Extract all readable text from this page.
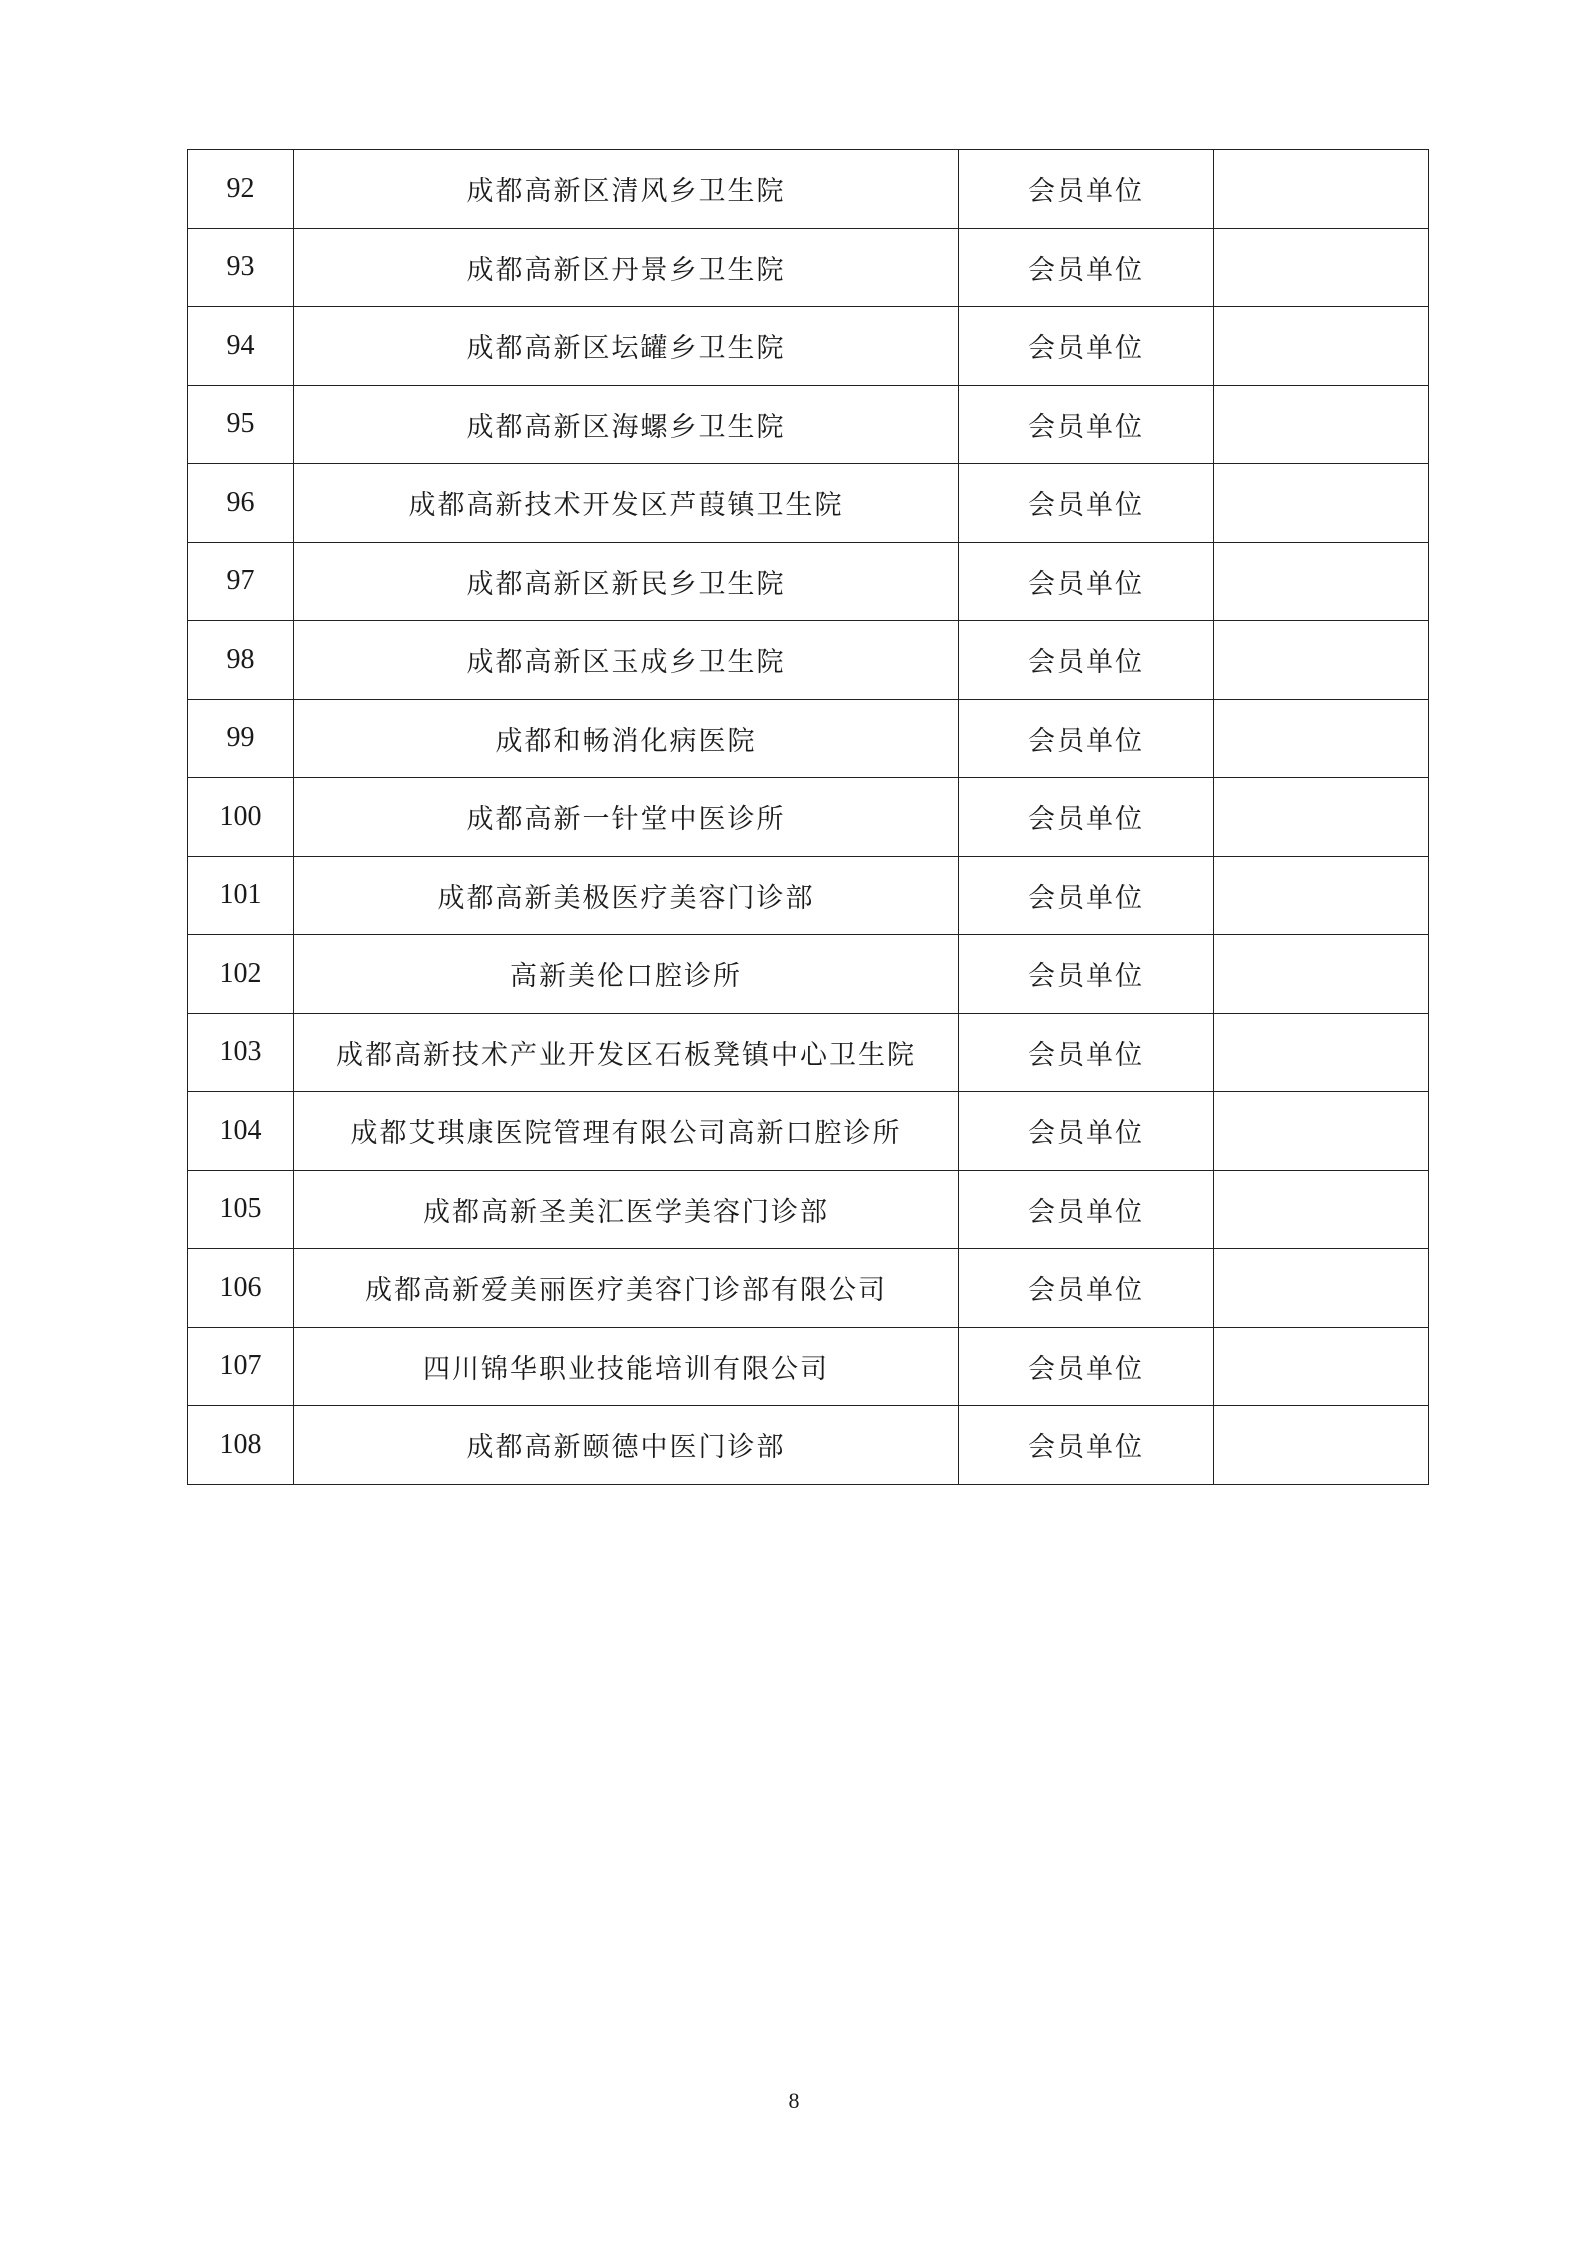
92	成都高新区清风乡卫生院	会员单位	
93	成都高新区丹景乡卫生院	会员单位	
94	成都高新区坛罐乡卫生院	会员单位	
95	成都高新区海螺乡卫生院	会员单位	
96	成都高新技术开发区芦葭镇卫生院	会员单位	
97	成都高新区新民乡卫生院	会员单位	
98	成都高新区玉成乡卫生院	会员单位	
99	成都和畅消化病医院	会员单位	
100	成都高新一针堂中医诊所	会员单位	
101	成都高新美极医疗美容门诊部	会员单位	
102	高新美伦口腔诊所	会员单位	
103	成都高新技术产业开发区石板凳镇中心卫生院	会员单位	
104	成都艾琪康医院管理有限公司高新口腔诊所	会员单位	
105	成都高新圣美汇医学美容门诊部	会员单位	
106	成都高新爱美丽医疗美容门诊部有限公司	会员单位	
107	四川锦华职业技能培训有限公司	会员单位	
108	成都高新颐德中医门诊部	会员单位	
8
